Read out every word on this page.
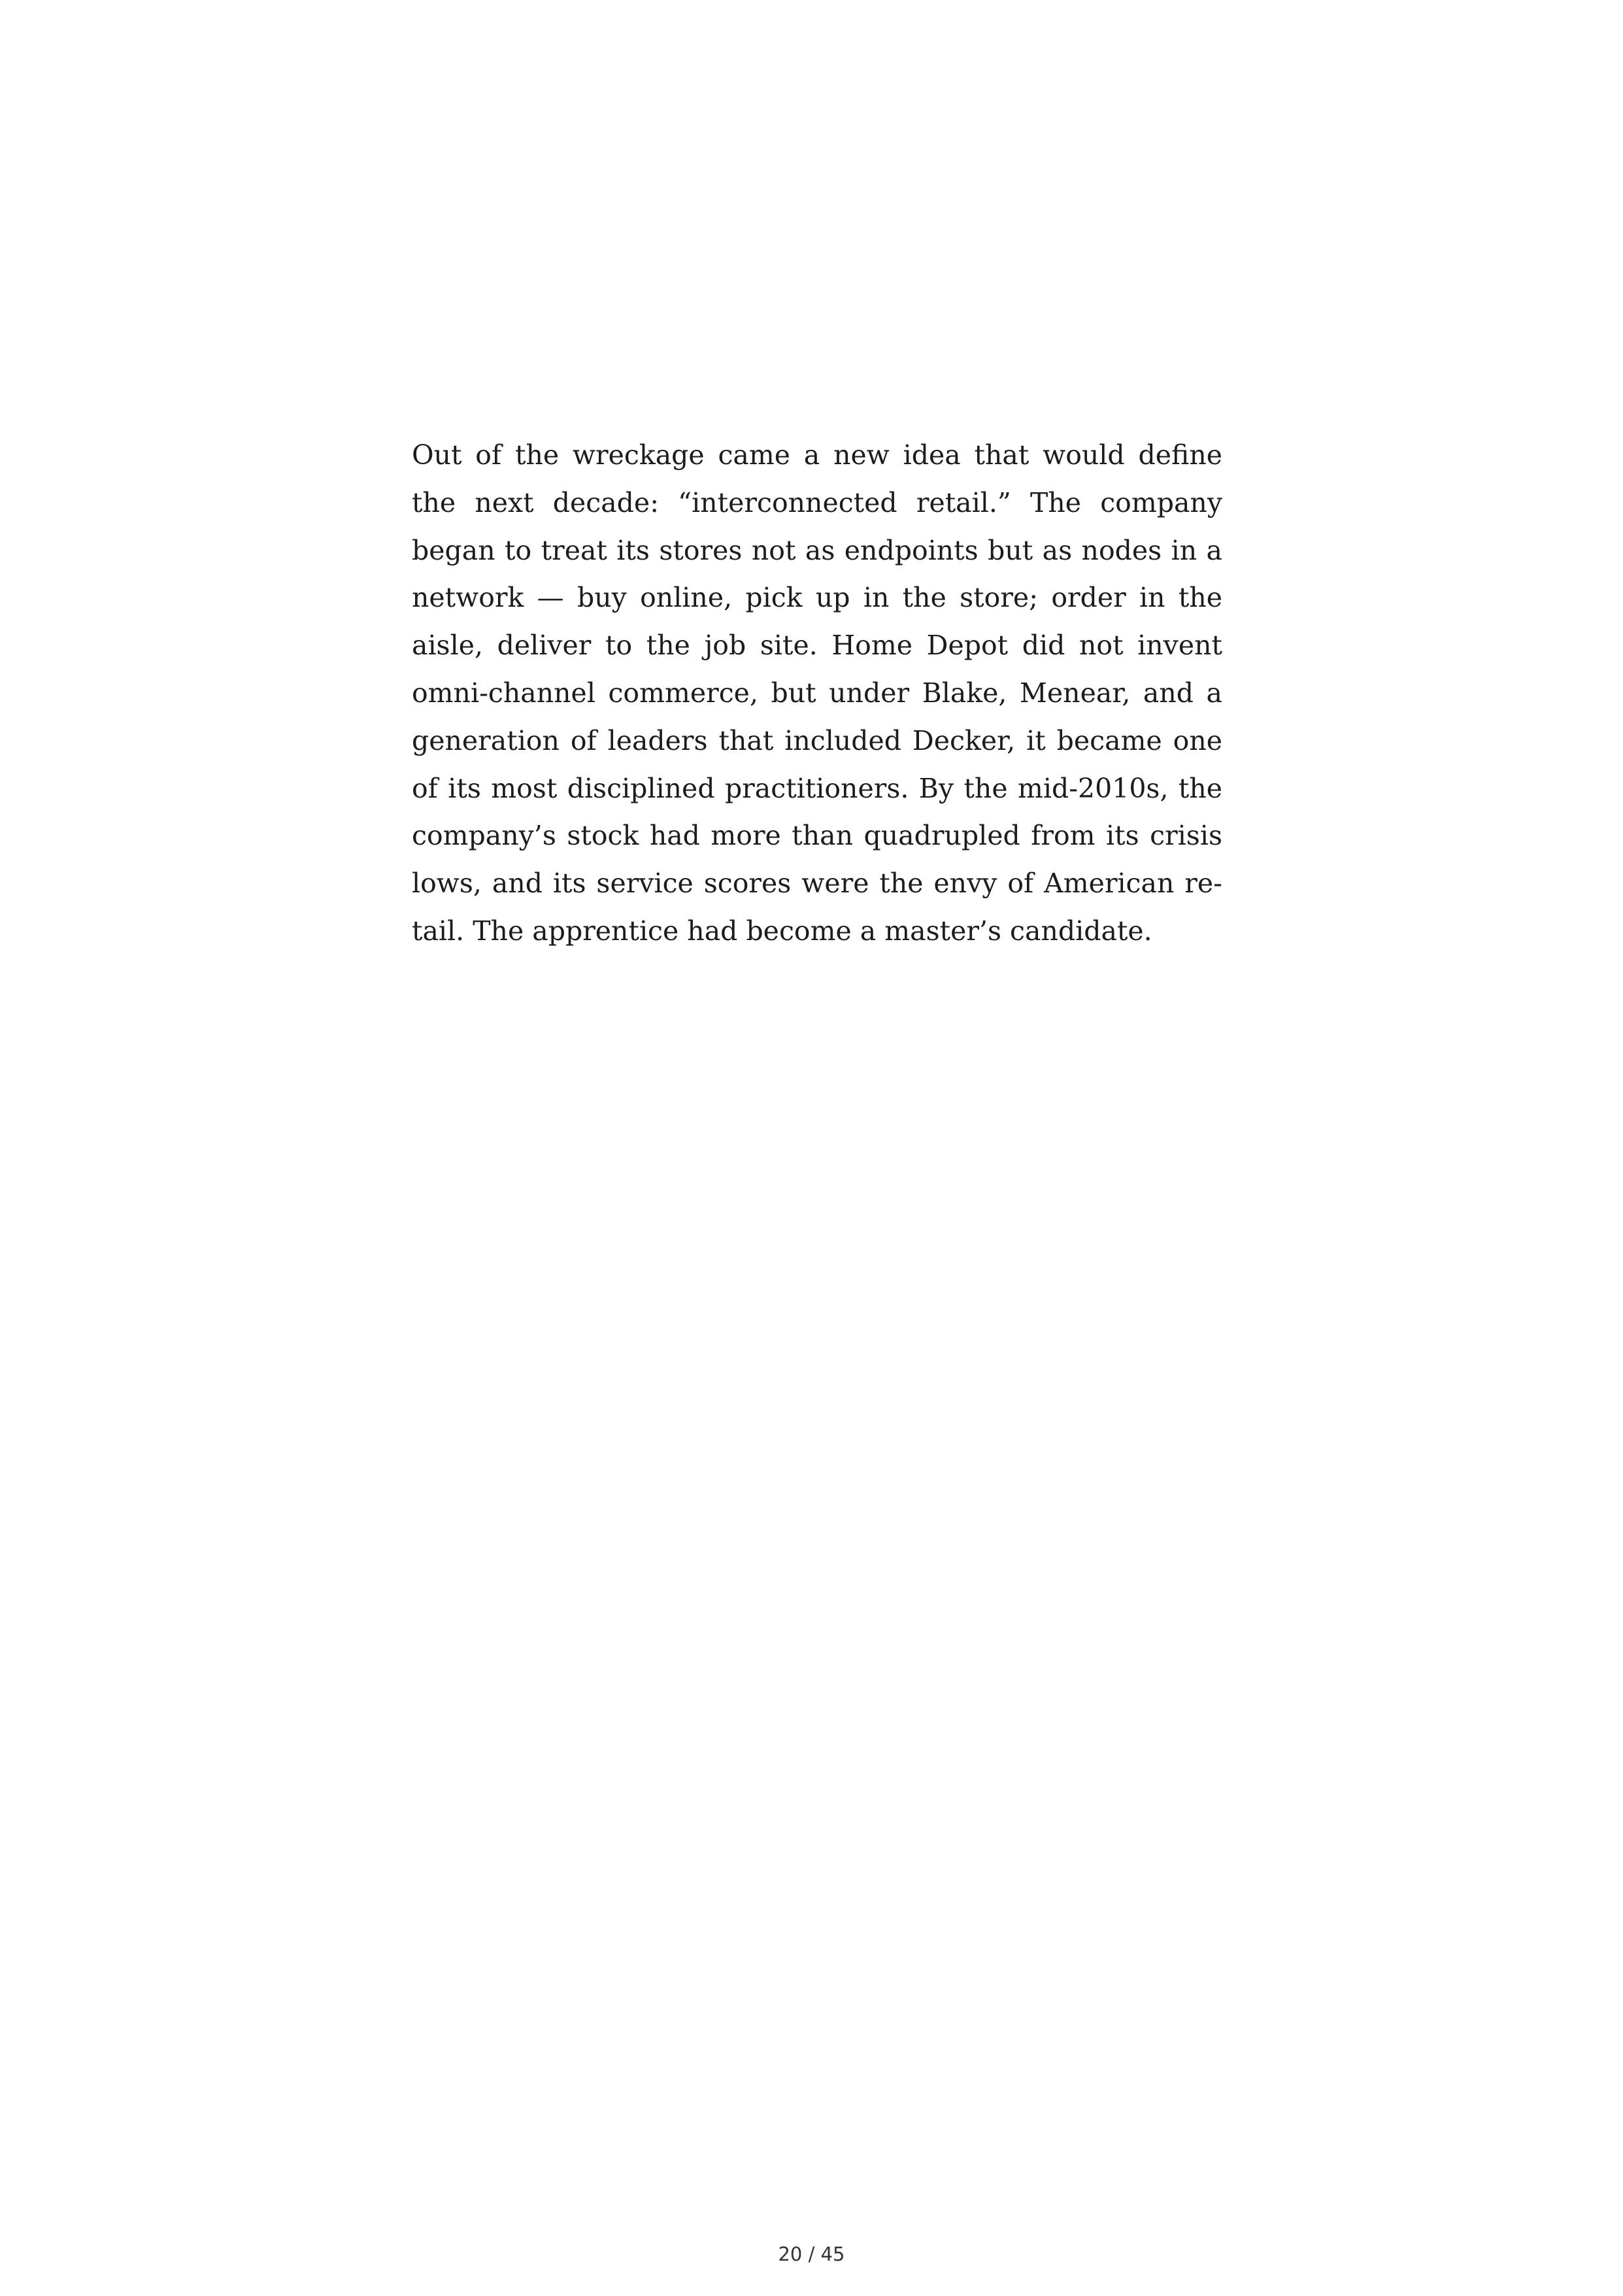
Out of the wreckage came a new idea that would define
the next decade: “interconnected retail.” The company
began to treat its stores not as endpoints but as nodes in a
network — buy online, pick up in the store; order in the
aisle, deliver to the job site. Home Depot did not invent
omni-channel commerce, but under Blake, Menear, and a
generation of leaders that included Decker, it became one
of its most disciplined practitioners. By the mid-2010s, the
company’s stock had more than quadrupled from its crisis
lows, and its service scores were the envy of American re-
tail. The apprentice had become a master’s candidate.
20 / 45
